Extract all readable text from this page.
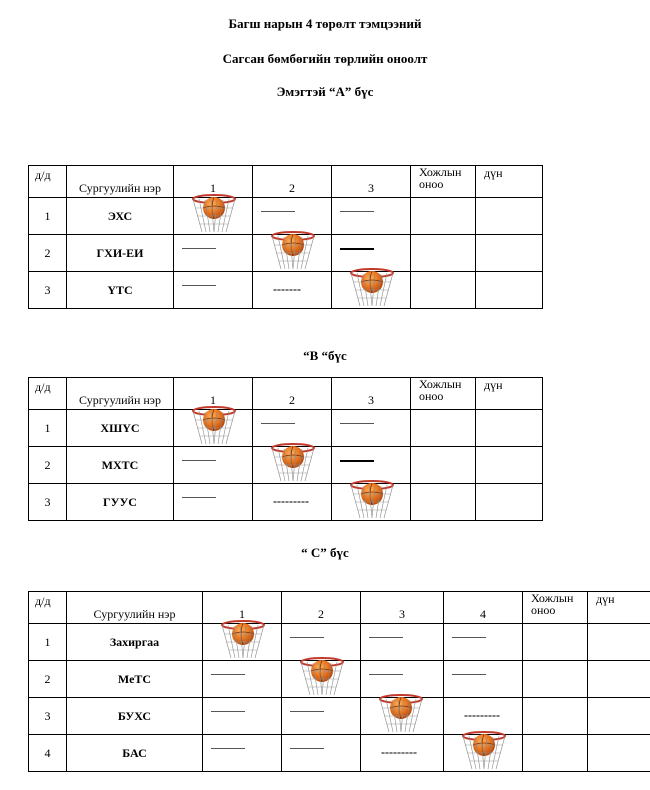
Багш нарын 4 төрөлт тэмцээний
Сагсан бөмбөгийн төрлийн оноолт
Эмэгтэй “А” бүс
“B “бүс
“ C” бүс
д/д	Сургуулийн нэр	1	2	3	Хожлын оноо	дүн
1	ЭХС	

2	ГХИ-ЕИ	

3	ҮТС		-------

д/д	Сургуулийн нэр	1	2	3	Хожлын оноо	дүн
1	ХШҮС	

2	МХТС	

3	ГУУС		---------

д/д	Сургуулийн нэр	1	2	3	4	Хожлын оноо	дүн
1	Захиргаа	

2	МеТС	

3	БУХС				---------		

4	БАС			---------
